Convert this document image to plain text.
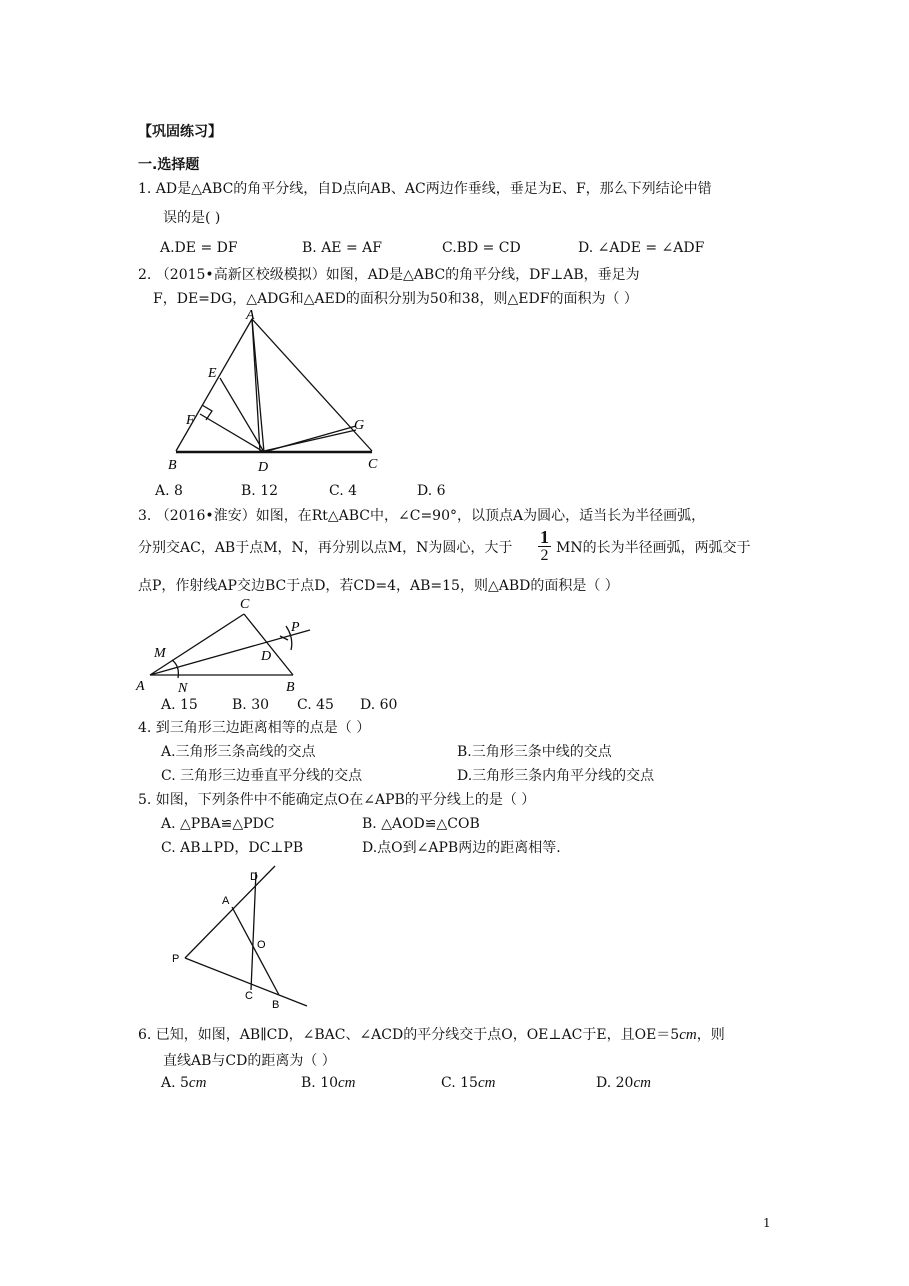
【巩固练习】
一.选择题
1. AD是△ABC的角平分线，自D点向AB、AC两边作垂线，垂足为E、F，那么下列结论中错
误的是( )
A.DE = DF	B. AE = AF	C.BD = CD	D. ∠ADE = ∠ADF
2. （2015•高新区校级模拟）如图，AD是△ABC的角平分线，DF⊥AB，垂足为
F，DE=DG，△ADG和△AED的面积分别为50和38，则△EDF的面积为（ ）
A
E
F
B	D
G
C
A. 8	B. 12	C. 4	D. 6
3. （2016•淮安）如图，在Rt△ABC中，∠C=90°，以顶点A为圆心，适当长为半径画弧，
分别交AC，AB于点M，N，再分别以点M，N为圆心，大于 $\frac{1}{2}$ MN的长为半径画弧，两弧交于
点P，作射线AP交边BC于点D，若CD=4，AB=15，则△ABD的面积是（ ）
C
P
M	D
A N	B
A. 15 B. 30 C. 45 D. 60
4. 到三角形三边距离相等的点是（ ）
A.三角形三条高线的交点	B.三角形三条中线的交点
C. 三角形三边垂直平分线的交点	D.三角形三条内角平分线的交点
5. 如图，下列条件中不能确定点O在∠APB的平分线上的是（ ）
A. △PBA≌△PDC	B. △AOD≌△COB
C. AB⊥PD，DC⊥PB	D.点O到∠APB两边的距离相等.
D
A
O
P
C
B
6. 已知，如图，AB∥CD，∠BAC、∠ACD的平分线交于点O，OE⊥AC于E，且OE＝5cm，则
直线AB与CD的距离为（ ）
A. 5cm	B. 10cm	C. 15cm	D. 20cm
1
